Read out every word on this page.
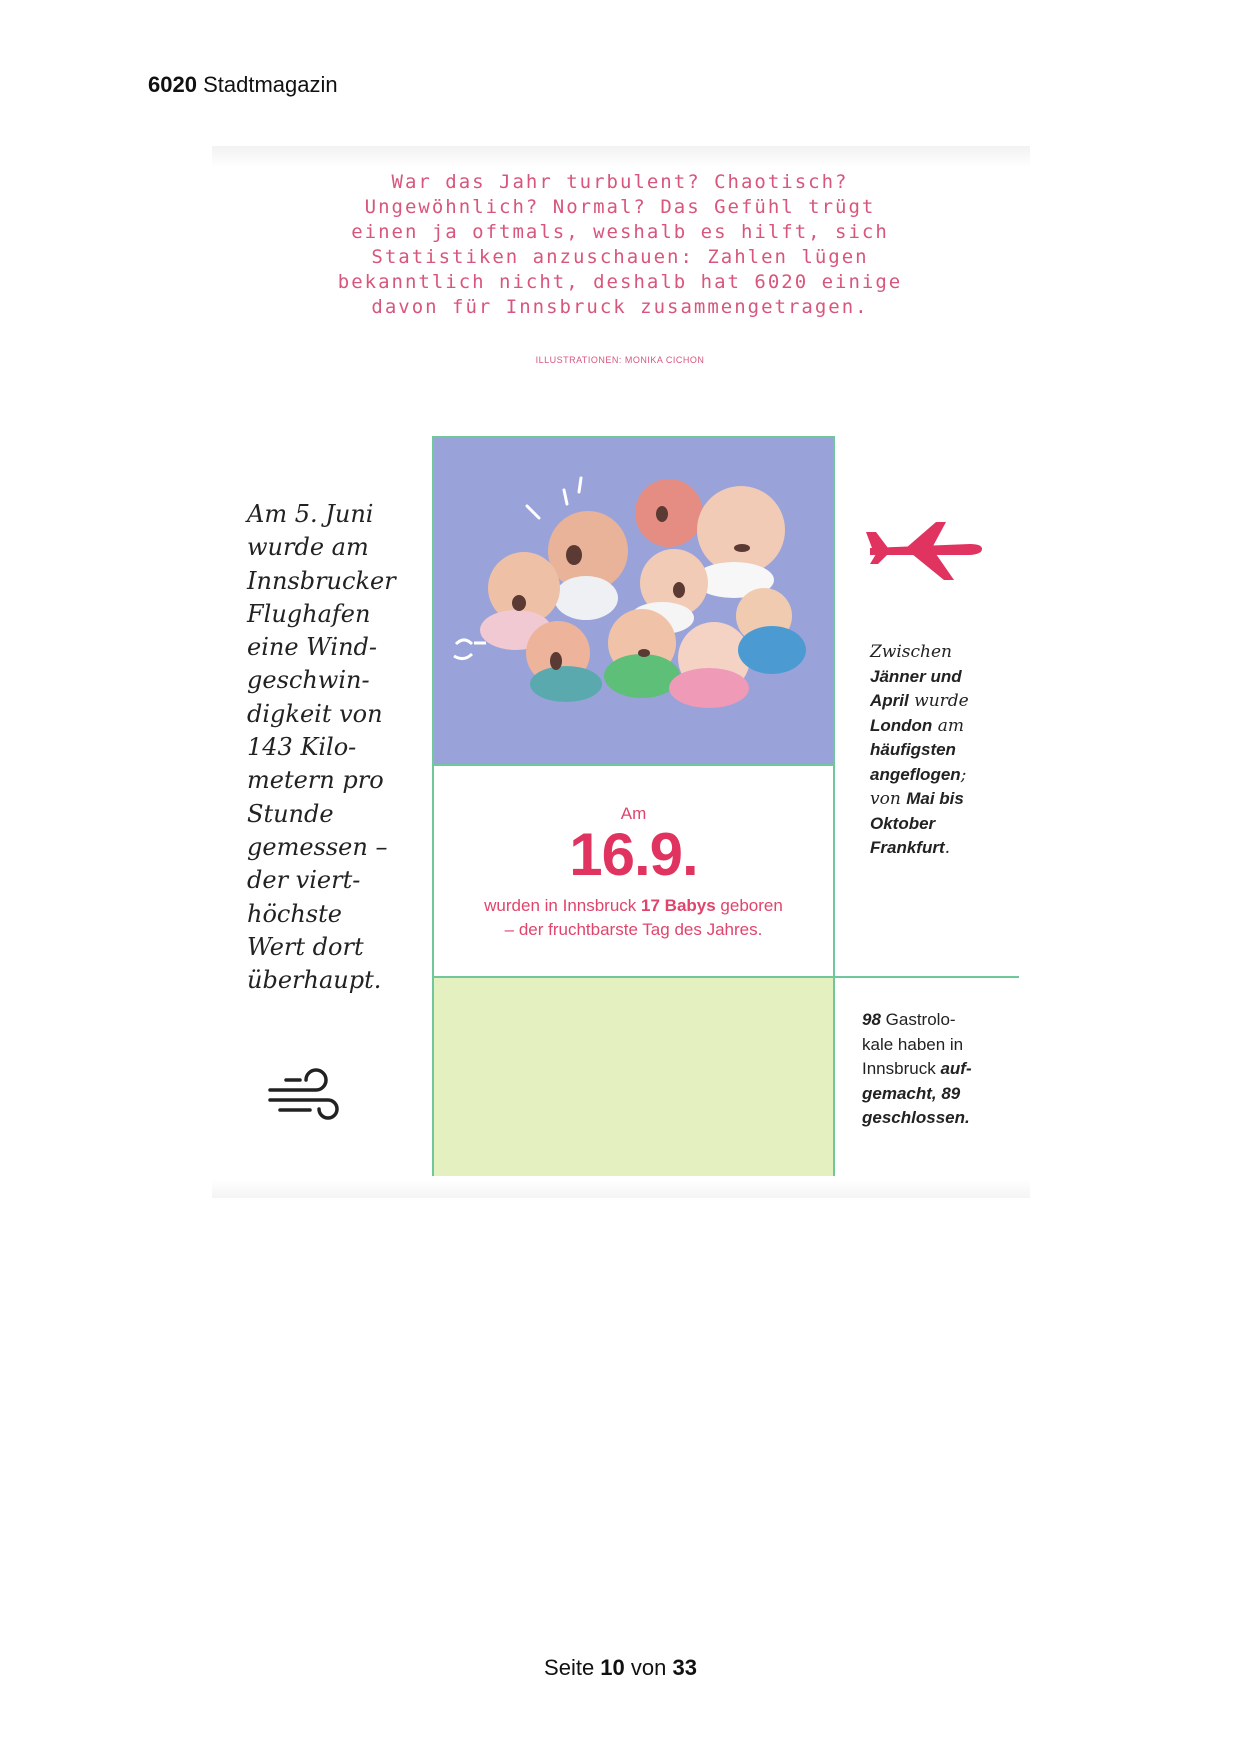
6020 Stadtmagazin
War das Jahr turbulent? Chaotisch?
Ungewöhnlich? Normal? Das Gefühl trügt
einen ja oftmals, weshalb es hilft, sich
Statistiken anzuschauen: Zahlen lügen
bekanntlich nicht, deshalb hat 6020 einige
davon für Innsbruck zusammengetragen.
ILLUSTRATIONEN: MONIKA CICHON
Am
16.9.
wurden in Innsbruck 17 Babys geboren
– der fruchtbarste Tag des Jahres.
Am 5. Juni
wurde am
Innsbrucker
Flughafen
eine Wind-
geschwin-
digkeit von
143 Kilo-
metern pro
Stunde
gemessen –
der viert-
höchste
Wert dort
überhaupt.
Zwischen
Jänner und
April wurde
London am
häufigsten
angeflogen;
von Mai bis
Oktober
Frankfurt.
98 Gastrolo-
kale haben in
Innsbruck auf-
gemacht, 89
geschlossen.
Seite 10 von 33
